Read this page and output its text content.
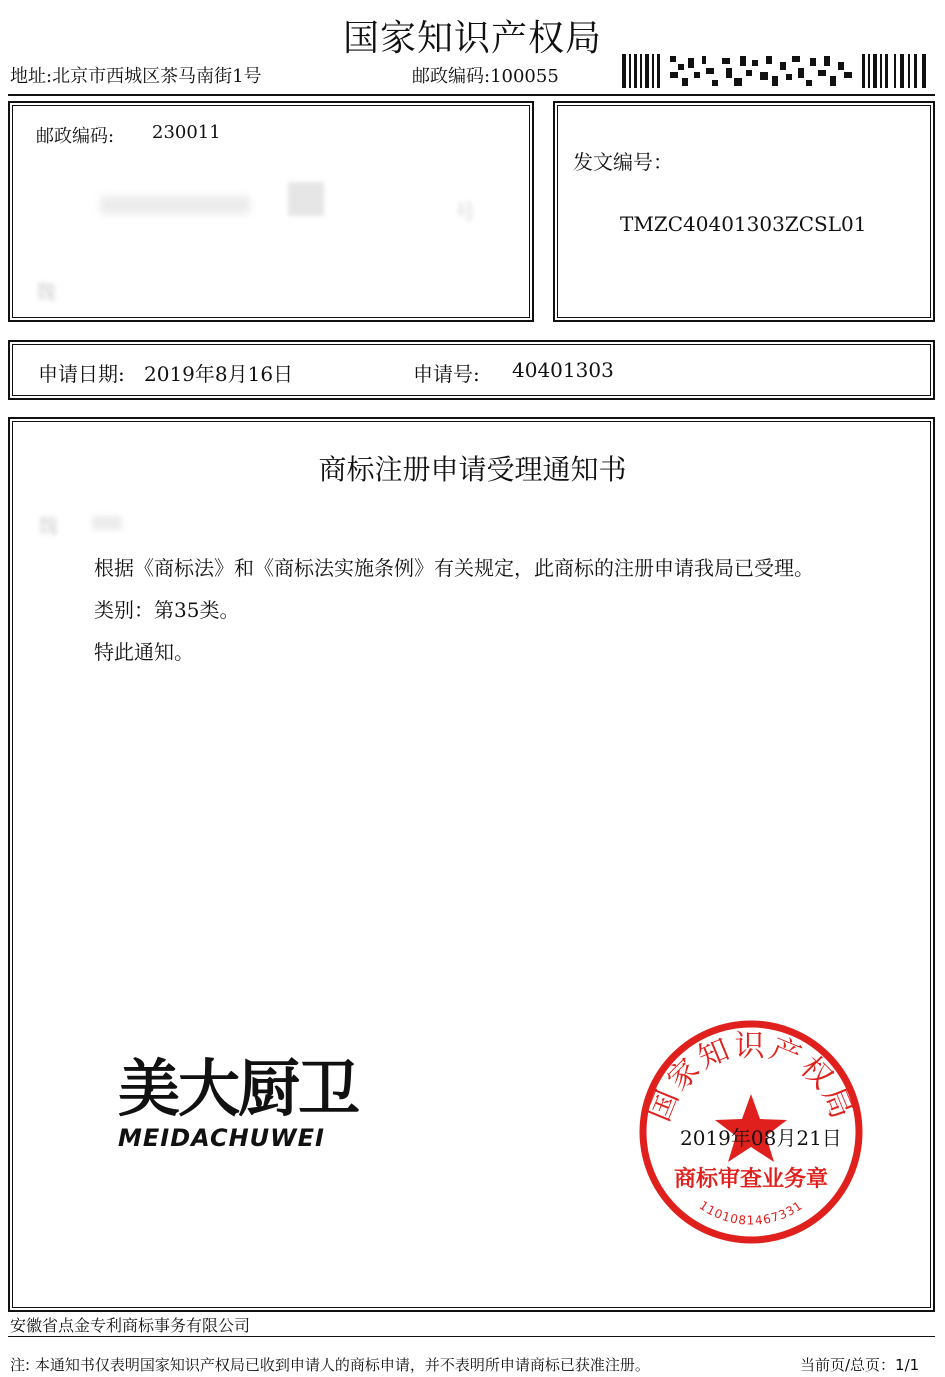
国家知识产权局
地址:北京市西城区茶马南街1号	邮政编码:100055
邮政编码: 230011
号
魏
发文编号：
TMZC40401303ZCSL01
申请日期: 2019年8月16日	申请号: 40401303
商标注册申请受理通知书
魏
根据《商标法》和《商标法实施条例》有关规定，此商标的注册申请我局已受理。
类别：第35类。
特此通知。
美大厨卫
MEIDACHUWEI
国家知识产权局
商标审查业务章
1101081467331
2019年08月21日
安徽省点金专利商标事务有限公司
注: 本通知书仅表明国家知识产权局已收到申请人的商标申请，并不表明所申请商标已获准注册。	当前页/总页：1/1
